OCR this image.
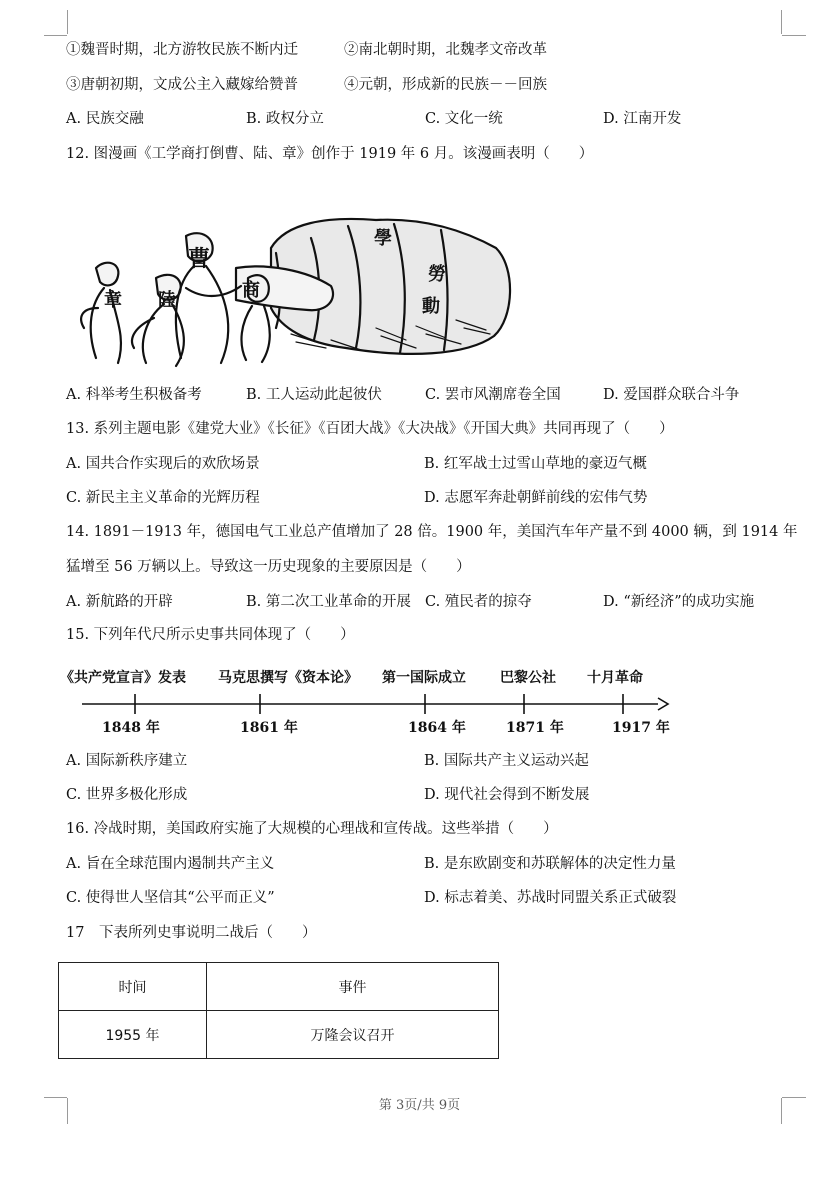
①魏晋时期，北方游牧民族不断内迁	②南北朝时期，北魏孝文帝改革
③唐朝初期，文成公主入藏嫁给赞普	④元朝，形成新的民族－－回族
A. 民族交融	B. 政权分立	C. 文化一统	D. 江南开发
12. 图漫画《工学商打倒曹、陆、章》创作于 1919 年 6 月。该漫画表明（　　）
章 陸
曹
商
學
勞
動
A. 科举考生积极备考	B. 工人运动此起彼伏	C. 罢市风潮席卷全国	D. 爱国群众联合斗争
13. 系列主题电影《建党大业》《长征》《百团大战》《大决战》《开国大典》共同再现了（　　）
A. 国共合作实现后的欢欣场景	B. 红军战士过雪山草地的豪迈气概
C. 新民主主义革命的光辉历程	D. 志愿军奔赴朝鲜前线的宏伟气势
14. 1891－1913 年，德国电气工业总产值增加了 28 倍。1900 年，美国汽车年产量不到 4000 辆，到 1914 年
猛增至 56 万辆以上。导致这一历史现象的主要原因是（　　）
A. 新航路的开辟	B. 第二次工业革命的开展 C. 殖民者的掠夺	D. “新经济”的成功实施
15. 下列年代尺所示史事共同体现了（　　）
《共产党宣言》发表 马克思撰写《资本论》 第一国际成立 巴黎公社 十月革命
1848 年	1861 年	1864 年	1871 年	1917 年
A. 国际新秩序建立	B. 国际共产主义运动兴起
C. 世界多极化形成	D. 现代社会得到不断发展
16. 冷战时期，美国政府实施了大规模的心理战和宣传战。这些举措（　　）
A. 旨在全球范围内遏制共产主义	B. 是东欧剧变和苏联解体的决定性力量
C. 使得世人坚信其“公平而正义”	D. 标志着美、苏战时同盟关系正式破裂
17　下表所列史事说明二战后（　　）
时间	事件
1955 年	万隆会议召开
第 3页/共 9页
